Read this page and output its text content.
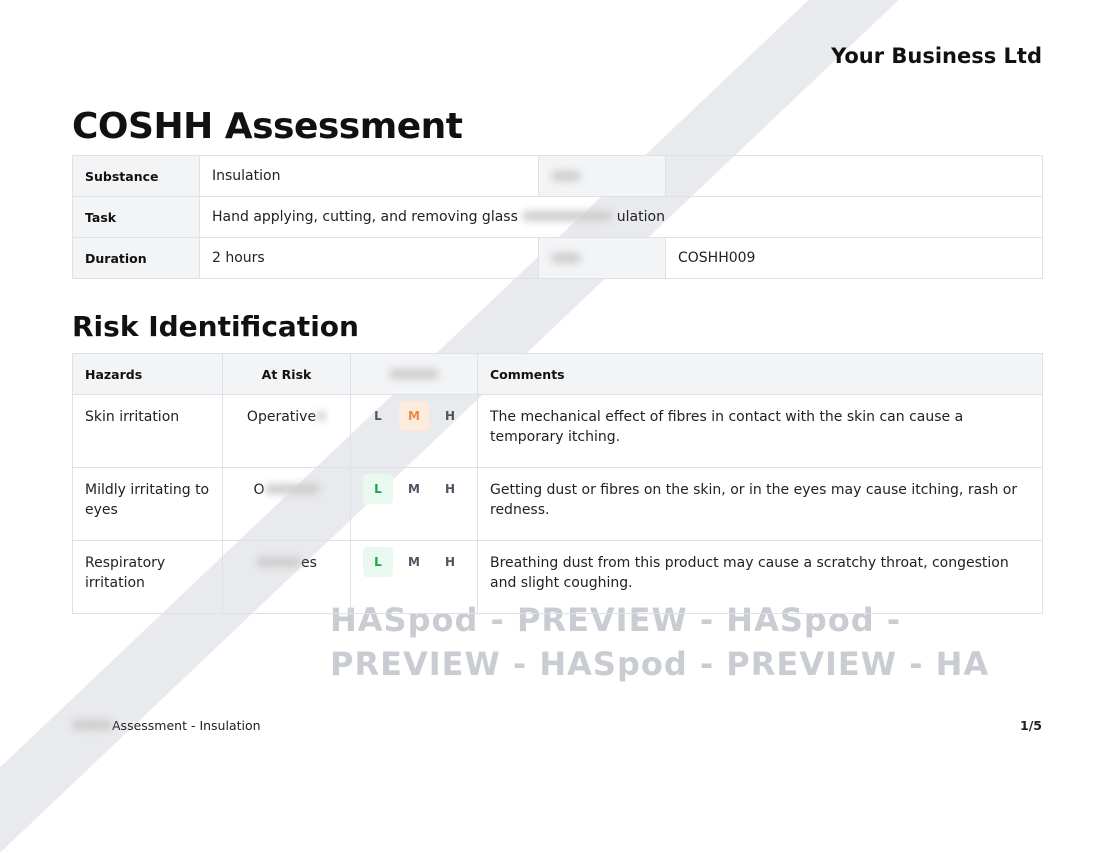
HASpod - PREVIEW - HASpod - PREVIEW - HASpod - PREVIEW - HA
Your Business Ltd
COSHH Assessment
Substance	Insulation		
Task	Hand applying, cutting, and removing glass ulation		
Duration	2 hours		COSHH009
Risk Identification
Hazards	At Risk		Comments
Skin irritation	Operative	L M H	The mechanical effect of fibres in contact with the skin can cause a temporary itching.
Mildly irritating to eyes	O	L M H	Getting dust or fibres on the skin, or in the eyes may cause itching, rash or redness.
Respiratory irritation	es	L M H	Breathing dust from this product may cause a scratchy throat, congestion and slight coughing.
Assessment - Insulation	1/5
